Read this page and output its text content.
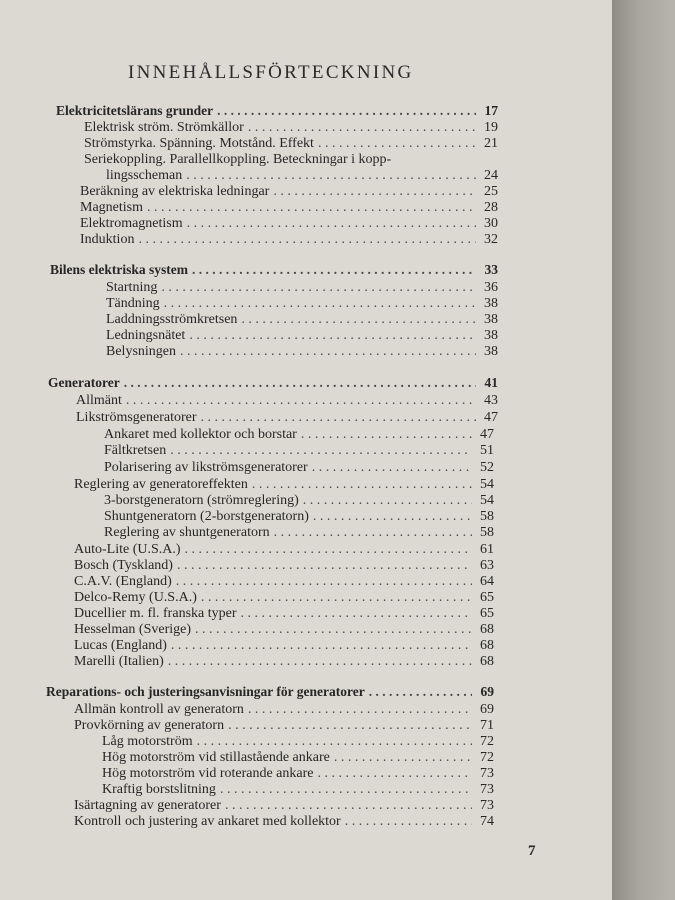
INNEHÅLLSFÖRTECKNING
Elektricitetslärans grunder . . .	17
Elektrisk ström. Strömkällor . . .	19
Strömstyrka. Spänning. Motstånd. Effekt . . .	21
Seriekoppling. Parallellkoppling. Beteckningar i kopp-
lingsscheman . . .	24
Beräkning av elektriska ledningar . . .	25
Magnetism . . .	28
Elektromagnetism . . .	30
Induktion . . .	32
Bilens elektriska system . . .	33
Startning . . .	36
Tändning . . .	38
Laddningsströmkretsen . . .	38
Ledningsnätet . . .	38
Belysningen . . .	38
Generatorer . . .	41
Allmänt . . .	43
Likströmsgeneratorer . . .	47
Ankaret med kollektor och borstar . . .	47
Fältkretsen . . .	51
Polarisering av likströmsgeneratorer . . .	52
Reglering av generatoreffekten . . .	54
3-borstgeneratorn (strömreglering) . . .	54
Shuntgeneratorn (2-borstgeneratorn) . . .	58
Reglering av shuntgeneratorn . . .	58
Auto-Lite (U.S.A.) . . .	61
Bosch (Tyskland) . . .	63
C.A.V. (England) . . .	64
Delco-Remy (U.S.A.) . . .	65
Ducellier m. fl. franska typer . . .	65
Hesselman (Sverige) . . .	68
Lucas (England) . . .	68
Marelli (Italien) . . .	68
Reparations- och justeringsanvisningar för generatorer . . .	69
Allmän kontroll av generatorn . . .	69
Provkörning av generatorn . . .	71
Låg motorström . . .	72
Hög motorström vid stillastående ankare . . .	72
Hög motorström vid roterande ankare . . .	73
Kraftig borstslitning . . .	73
Isärtagning av generatorer . . .	73
Kontroll och justering av ankaret med kollektor . . .	74
7
